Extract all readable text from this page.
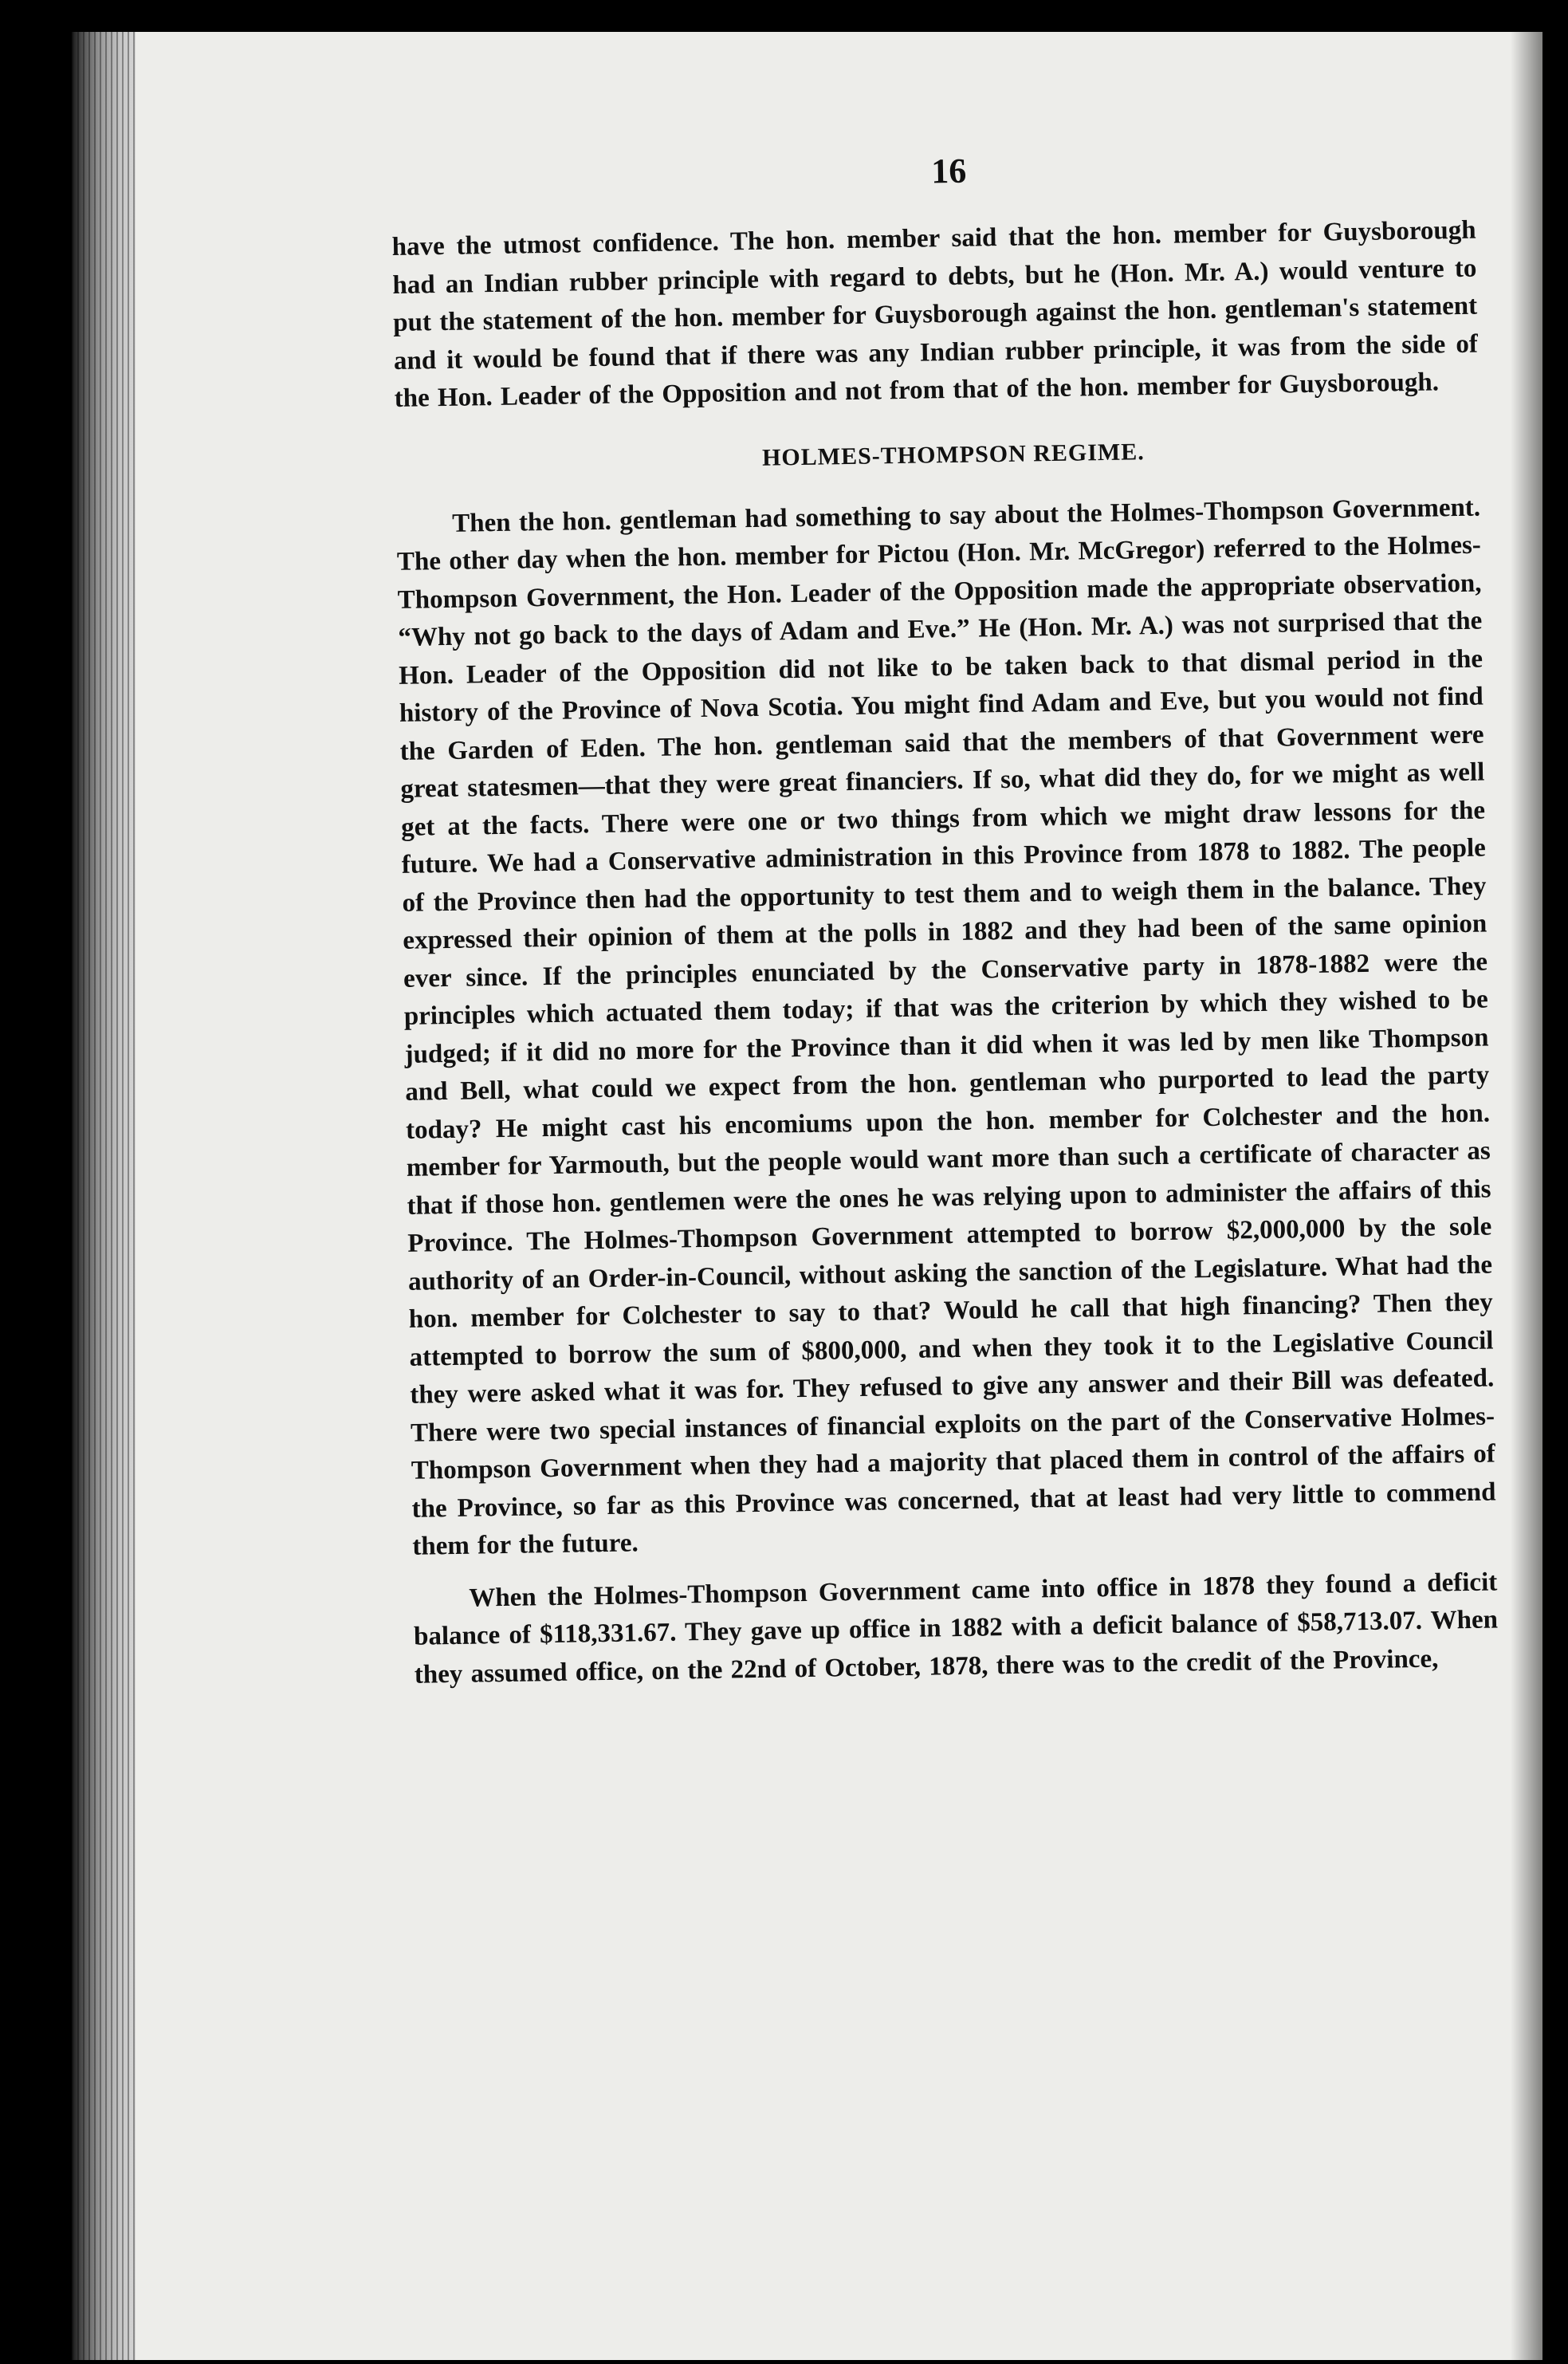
16

have the utmost confidence. The hon. member said that the hon. member for Guysborough had an Indian rubber principle with regard to debts, but he (Hon. Mr. A.) would venture to put the statement of the hon. member for Guysborough against the hon. gentleman's statement and it would be found that if there was any Indian rubber principle, it was from the side of the Hon. Leader of the Opposition and not from that of the hon. member for Guysborough.

HOLMES-THOMPSON REGIME.

Then the hon. gentleman had something to say about the Holmes-Thompson Government. The other day when the hon. member for Pictou (Hon. Mr. McGregor) referred to the Holmes-Thompson Government, the Hon. Leader of the Opposition made the appropriate observation, “Why not go back to the days of Adam and Eve.” He (Hon. Mr. A.) was not surprised that the Hon. Leader of the Opposition did not like to be taken back to that dismal period in the history of the Province of Nova Scotia. You might find Adam and Eve, but you would not find the Garden of Eden. The hon. gentleman said that the members of that Government were great statesmen—that they were great financiers. If so, what did they do, for we might as well get at the facts. There were one or two things from which we might draw lessons for the future. We had a Conservative administration in this Province from 1878 to 1882. The people of the Province then had the opportunity to test them and to weigh them in the balance. They expressed their opinion of them at the polls in 1882 and they had been of the same opinion ever since. If the principles enunciated by the Conservative party in 1878-1882 were the principles which actuated them today; if that was the criterion by which they wished to be judged; if it did no more for the Province than it did when it was led by men like Thompson and Bell, what could we expect from the hon. gentleman who purported to lead the party today? He might cast his encomiums upon the hon. member for Colchester and the hon. member for Yarmouth, but the people would want more than such a certificate of character as that if those hon. gentlemen were the ones he was relying upon to administer the affairs of this Province. The Holmes-Thompson Government attempted to borrow $2,000,000 by the sole authority of an Order-in-Council, without asking the sanction of the Legislature. What had the hon. member for Colchester to say to that? Would he call that high financing? Then they attempted to borrow the sum of $800,000, and when they took it to the Legislative Council they were asked what it was for. They refused to give any answer and their Bill was defeated. There were two special instances of financial exploits on the part of the Conservative Holmes-Thompson Government when they had a majority that placed them in control of the affairs of the Province, so far as this Province was concerned, that at least had very little to commend them for the future.

When the Holmes-Thompson Government came into office in 1878 they found a deficit balance of $118,331.67. They gave up office in 1882 with a deficit balance of $58,713.07. When they assumed office, on the 22nd of October, 1878, there was to the credit of the Province,
